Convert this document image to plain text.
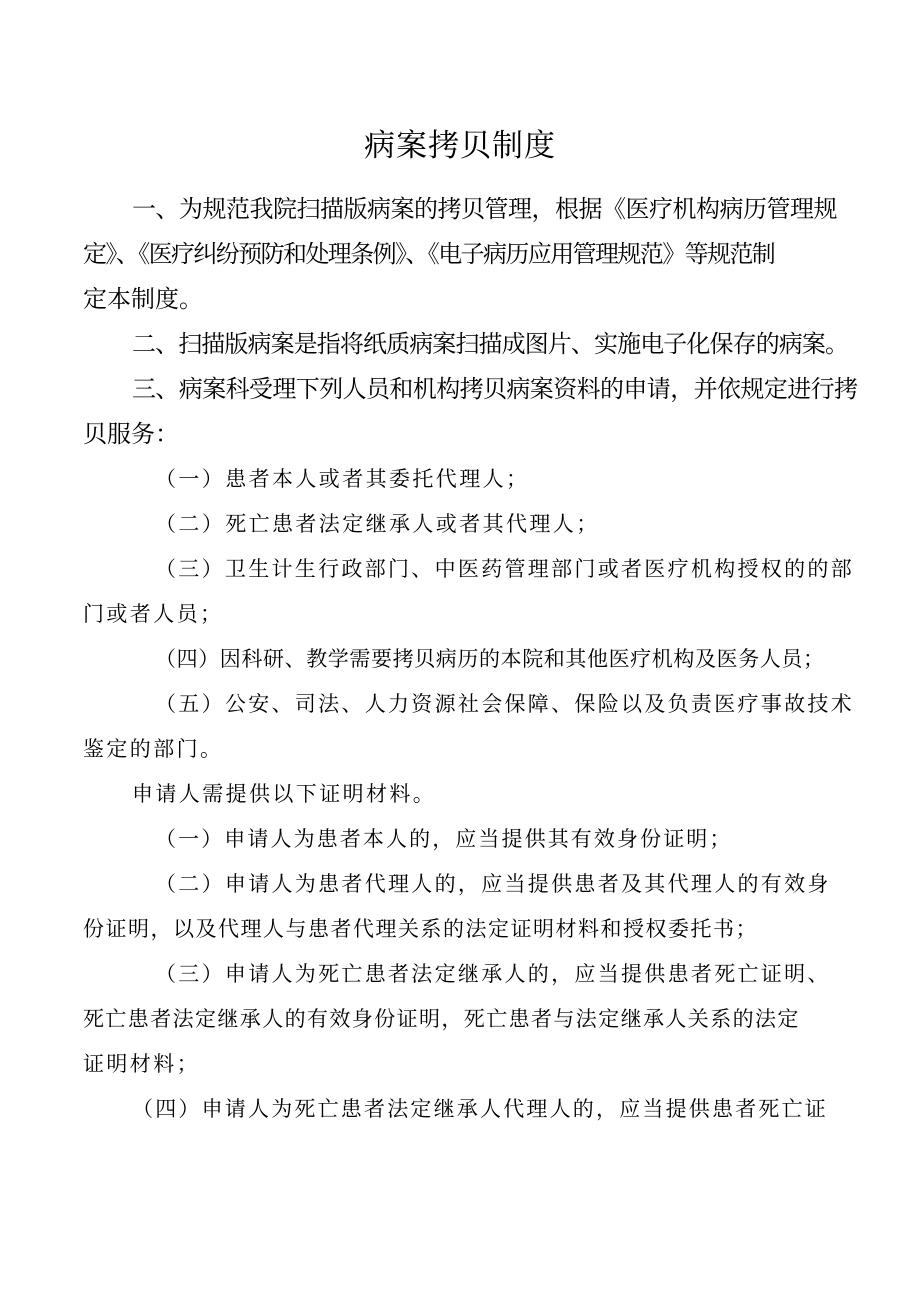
病案拷贝制度

一、为规范我院扫描版病案的拷贝管理，根据《医疗机构病历管理规

定》、《医疗纠纷预防和处理条例》、《电子病历应用管理规范》等规范制

定本制度。

二、扫描版病案是指将纸质病案扫描成图片、实施电子化保存的病案。

三、病案科受理下列人员和机构拷贝病案资料的申请，并依规定进行拷

贝服务：

（一）患者本人或者其委托代理人；

（二）死亡患者法定继承人或者其代理人；

（三）卫生计生行政部门、中医药管理部门或者医疗机构授权的的部

门或者人员；

（四）因科研、教学需要拷贝病历的本院和其他医疗机构及医务人员；

（五）公安、司法、人力资源社会保障、保险以及负责医疗事故技术

鉴定的部门。

申请人需提供以下证明材料。

（一）申请人为患者本人的，应当提供其有效身份证明；

（二）申请人为患者代理人的，应当提供患者及其代理人的有效身

份证明，以及代理人与患者代理关系的法定证明材料和授权委托书；

（三）申请人为死亡患者法定继承人的，应当提供患者死亡证明、

死亡患者法定继承人的有效身份证明，死亡患者与法定继承人关系的法定

证明材料；

（四）申请人为死亡患者法定继承人代理人的，应当提供患者死亡证
